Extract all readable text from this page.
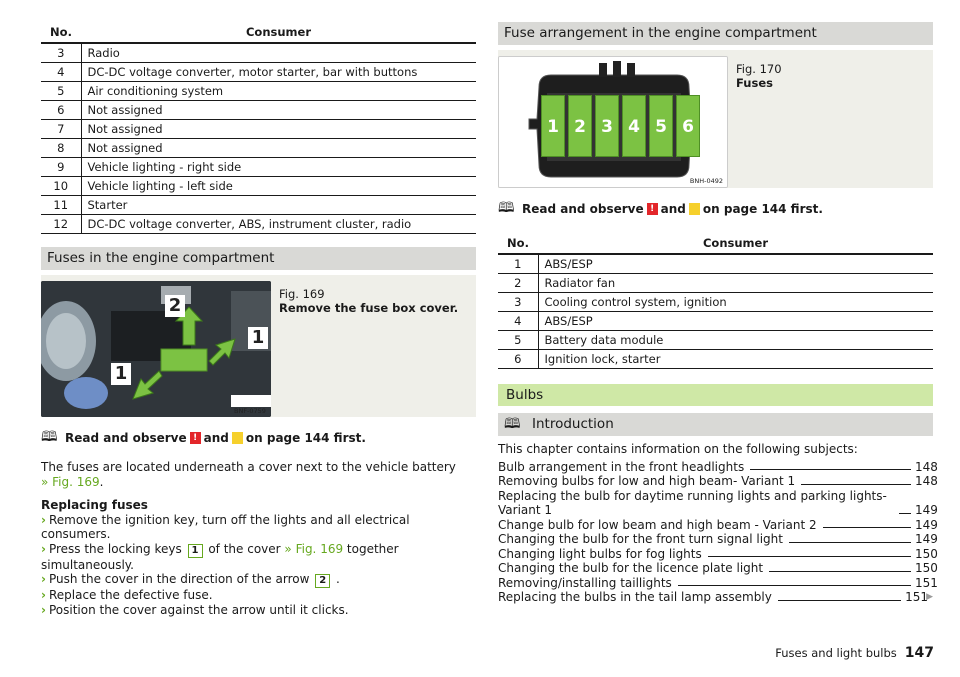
No.	Consumer
3	Radio
4	DC-DC voltage converter, motor starter, bar with buttons
5	Air conditioning system
6	Not assigned
7	Not assigned
8	Not assigned
9	Vehicle lighting - right side
10	Vehicle lighting - left side
11	Starter
12	DC-DC voltage converter, ABS, instrument cluster, radio
Fuses in the engine compartment
2
1
1
BNF-0759
Fig. 169
Remove the fuse box cover.
🕮 Read and observe ! and on page 144 first.
The fuses are located underneath a cover next to the vehicle battery
» Fig. 169.
Replacing fuses
› Remove the ignition key, turn off the lights and all electrical consumers.
› Press the locking keys 1 of the cover » Fig. 169 together simultaneously.
› Push the cover in the direction of the arrow 2 .
› Replace the defective fuse.
› Position the cover against the arrow until it clicks.
Fuse arrangement in the engine compartment
1 2 3 4 5 6
BNH-0492
Fig. 170
Fuses
🕮 Read and observe ! and on page 144 first.
No.	Consumer
1	ABS/ESP
2	Radiator fan
3	Cooling control system, ignition
4	ABS/ESP
5	Battery data module
6	Ignition lock, starter
Bulbs
🕮 Introduction
This chapter contains information on the following subjects:
Bulb arrangement in the front headlights	148
Removing bulbs for low and high beam- Variant 1	148
Replacing the bulb for daytime running lights and parking lights- Variant 1	149
Change bulb for low beam and high beam - Variant 2	149
Changing the bulb for the front turn signal light	149
Changing light bulbs for fog lights	150
Changing the bulb for the licence plate light	150
Removing/installing taillights	151
Replacing the bulbs in the tail lamp assembly	151
▶
Fuses and light bulbs 147
